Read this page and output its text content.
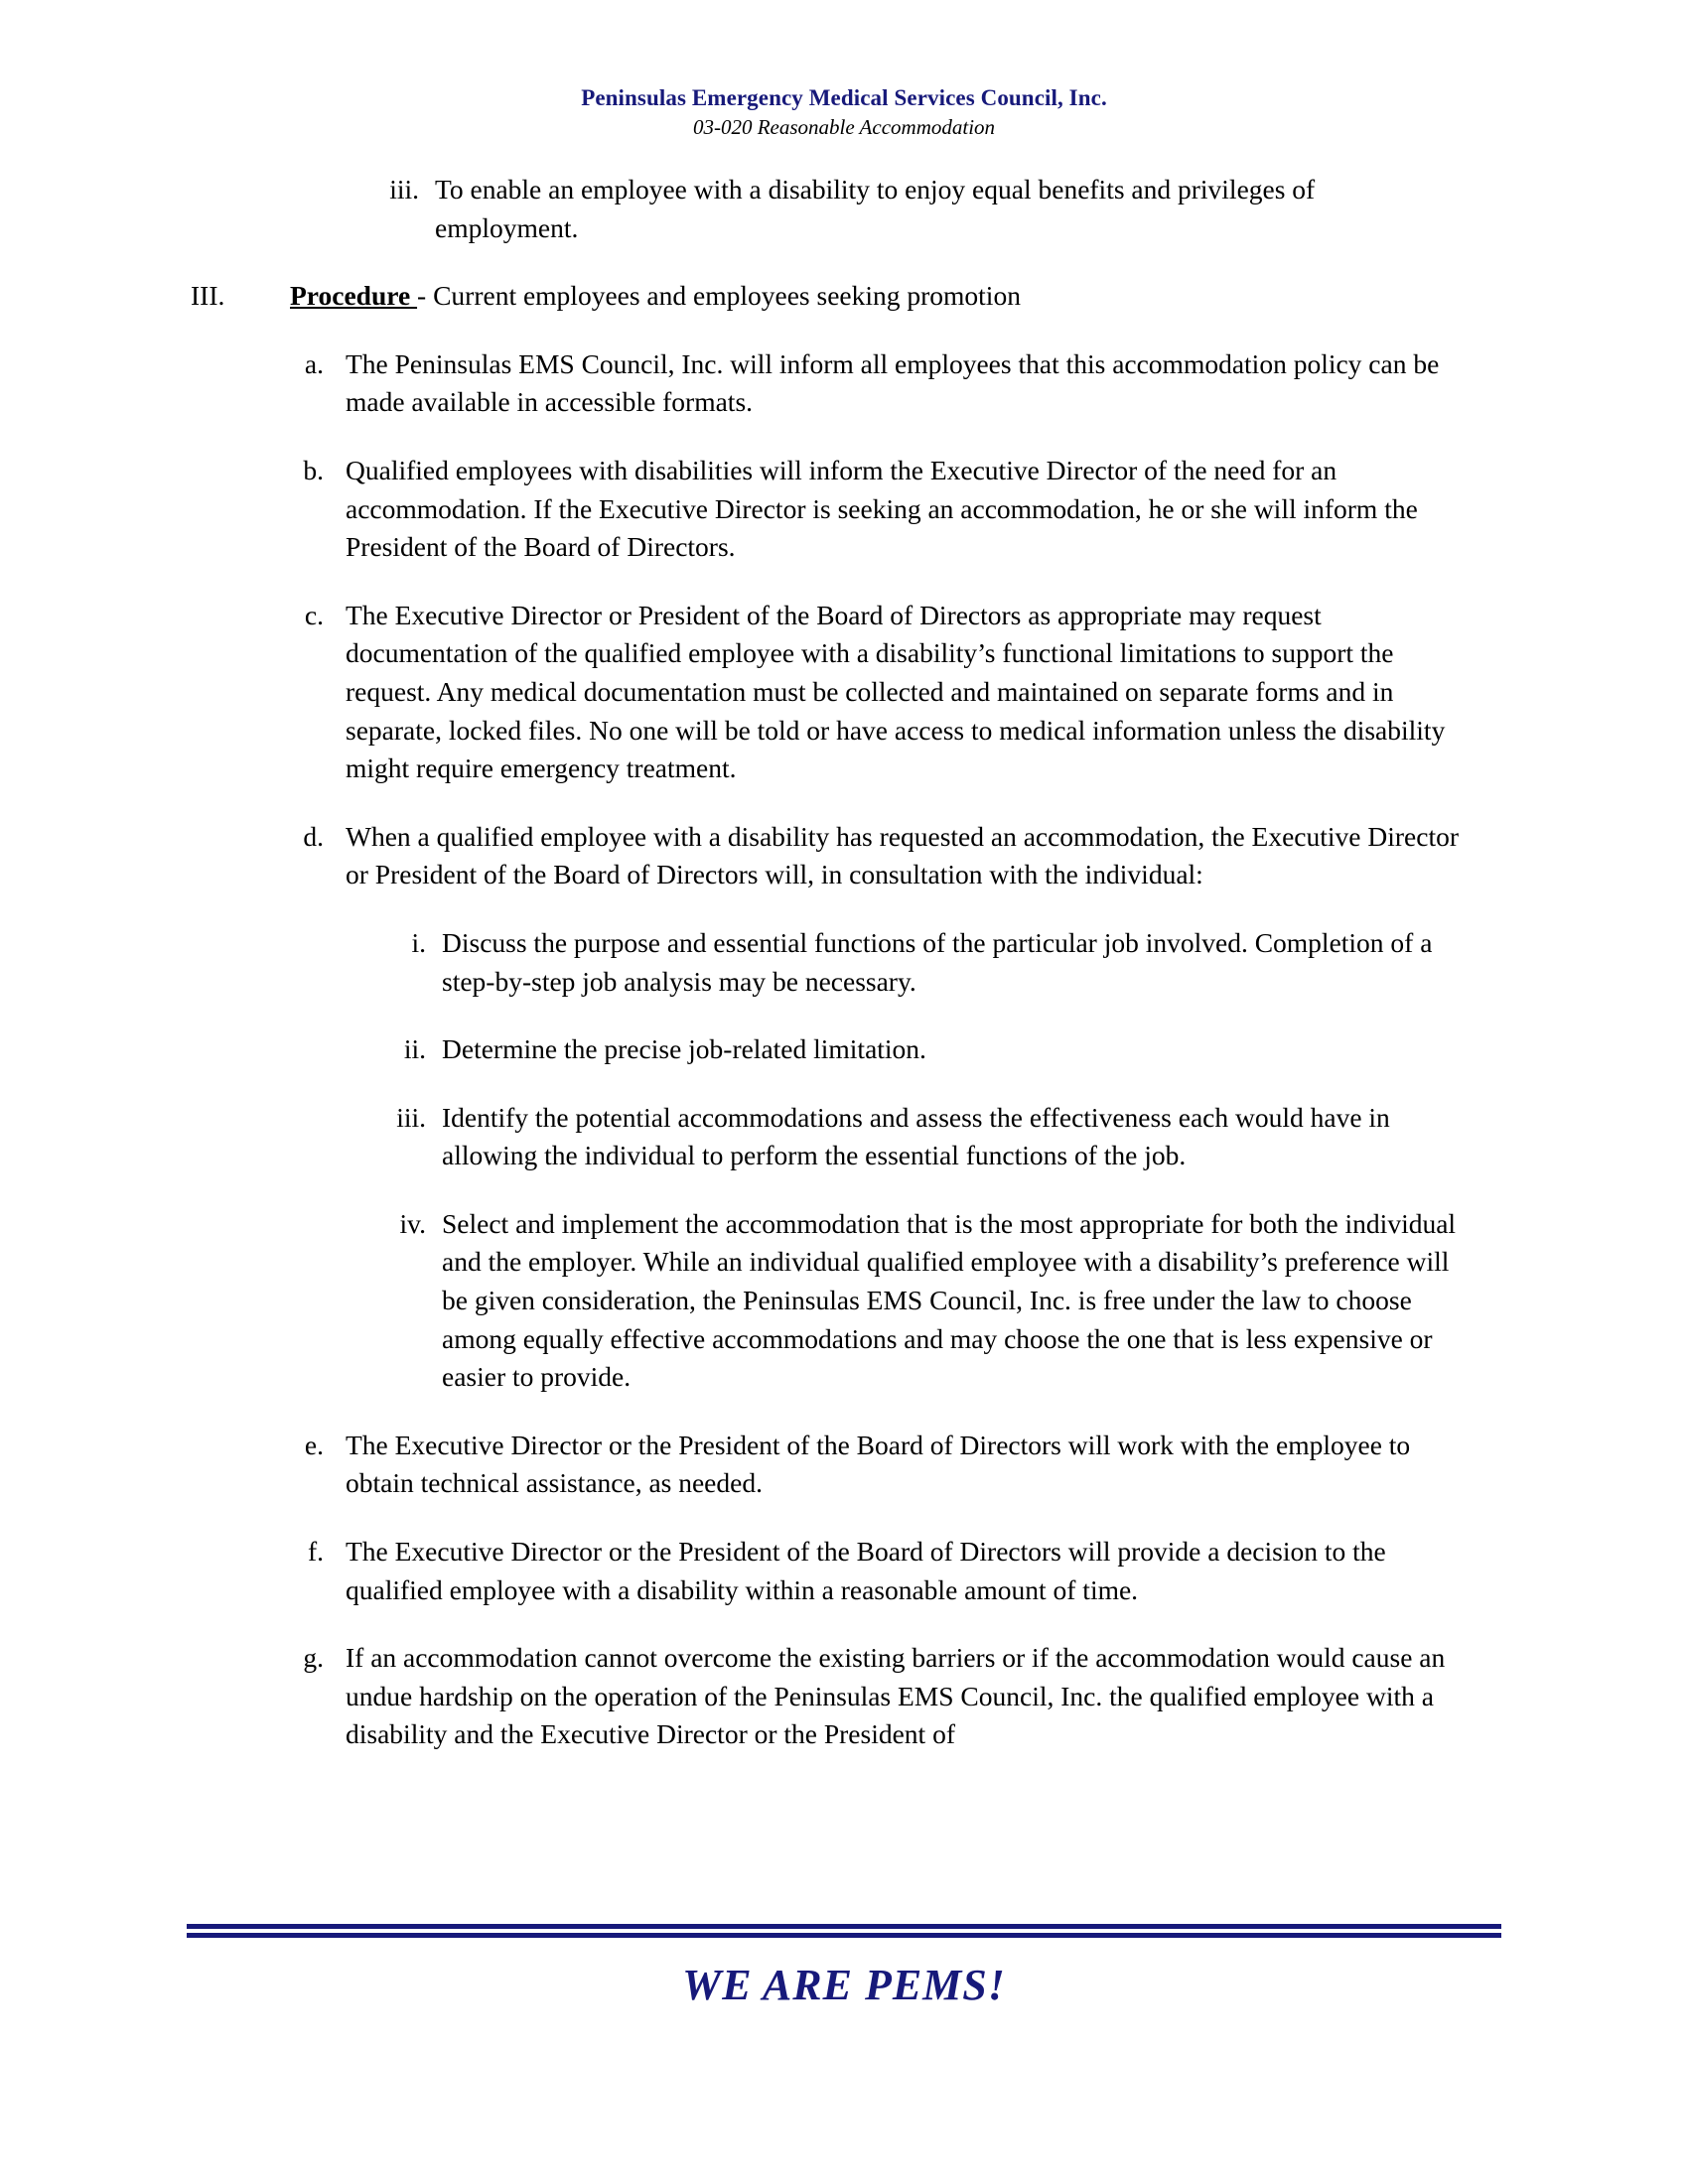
Peninsulas Emergency Medical Services Council, Inc.
03-020 Reasonable Accommodation
iii. To enable an employee with a disability to enjoy equal benefits and privileges of employment.
III.	Procedure - Current employees and employees seeking promotion
a. The Peninsulas EMS Council, Inc. will inform all employees that this accommodation policy can be made available in accessible formats.
b. Qualified employees with disabilities will inform the Executive Director of the need for an accommodation. If the Executive Director is seeking an accommodation, he or she will inform the President of the Board of Directors.
c. The Executive Director or President of the Board of Directors as appropriate may request documentation of the qualified employee with a disability’s functional limitations to support the request. Any medical documentation must be collected and maintained on separate forms and in separate, locked files. No one will be told or have access to medical information unless the disability might require emergency treatment.
d. When a qualified employee with a disability has requested an accommodation, the Executive Director or President of the Board of Directors will, in consultation with the individual:
i. Discuss the purpose and essential functions of the particular job involved. Completion of a step-by-step job analysis may be necessary.
ii. Determine the precise job-related limitation.
iii. Identify the potential accommodations and assess the effectiveness each would have in allowing the individual to perform the essential functions of the job.
iv. Select and implement the accommodation that is the most appropriate for both the individual and the employer. While an individual qualified employee with a disability’s preference will be given consideration, the Peninsulas EMS Council, Inc. is free under the law to choose among equally effective accommodations and may choose the one that is less expensive or easier to provide.
e. The Executive Director or the President of the Board of Directors will work with the employee to obtain technical assistance, as needed.
f. The Executive Director or the President of the Board of Directors will provide a decision to the qualified employee with a disability within a reasonable amount of time.
g. If an accommodation cannot overcome the existing barriers or if the accommodation would cause an undue hardship on the operation of the Peninsulas EMS Council, Inc. the qualified employee with a disability and the Executive Director or the President of
WE ARE PEMS!
